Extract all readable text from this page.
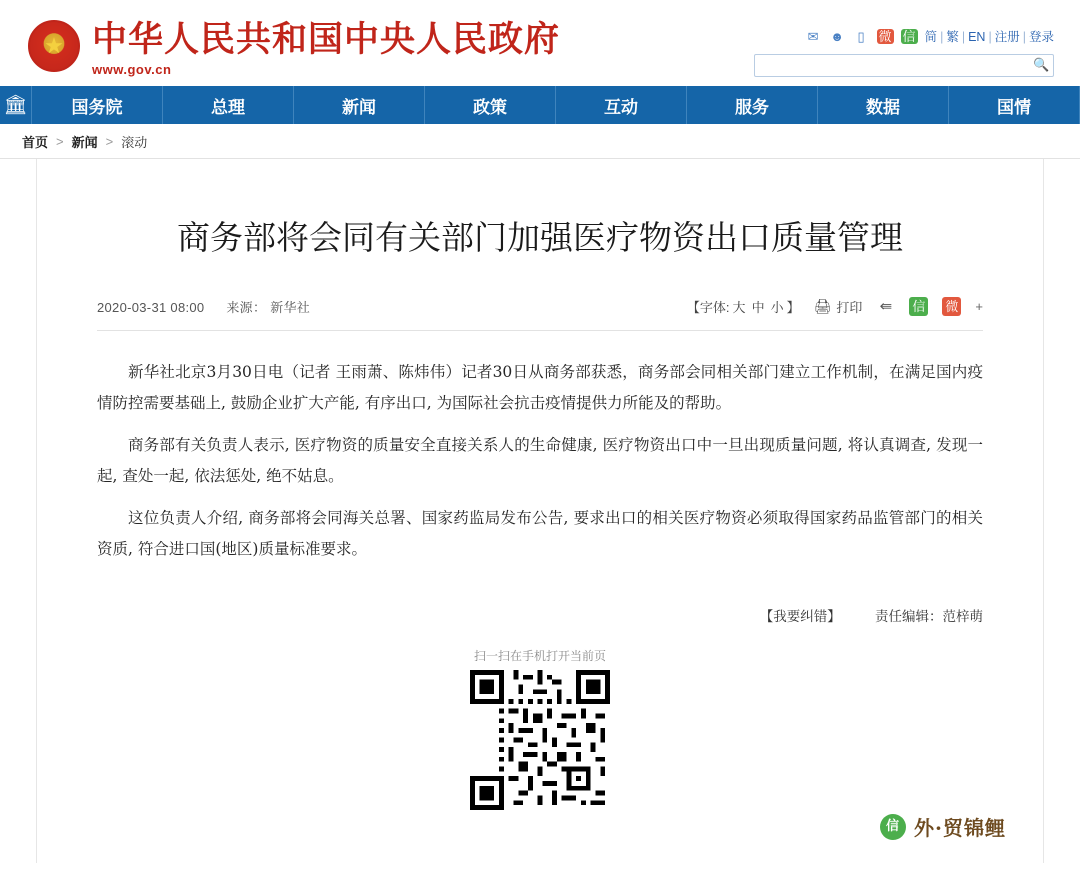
★ 中华人民共和国中央人民政府
www.gov.cn
✉ ☻	▯	微 信 简 | 繁 | EN | 注册 | 登录
🔍
🏛	国务院	总理	新闻	政策	互动	服务	数据	国情
首页 > 新闻 > 滚动
商务部将会同有关部门加强医疗物资出口质量管理
2020-03-31 08:00 来源： 新华社	【字体: 大 中 小 】 🖨 打印 ⇚ 信 微 +

新华社北京3月30日电（记者 王雨萧、陈炜伟）记者30日从商务部获悉，商务部会同相关部门建立工作机制，在满足国内疫情防控需要基础上, 鼓励企业扩大产能, 有序出口, 为国际社会抗击疫情提供力所能及的帮助。

商务部有关负责人表示, 医疗物资的质量安全直接关系人的生命健康, 医疗物资出口中一旦出现质量问题, 将认真调查, 发现一起, 查处一起, 依法惩处, 绝不姑息。

这位负责人介绍, 商务部将会同海关总署、国家药监局发布公告, 要求出口的相关医疗物资必须取得国家药品监管部门的相关资质, 符合进口国(地区)质量标准要求。

【我要纠错】	责任编辑：范梓萌
扫一扫在手机打开当前页
信 外·贸锦鲤
